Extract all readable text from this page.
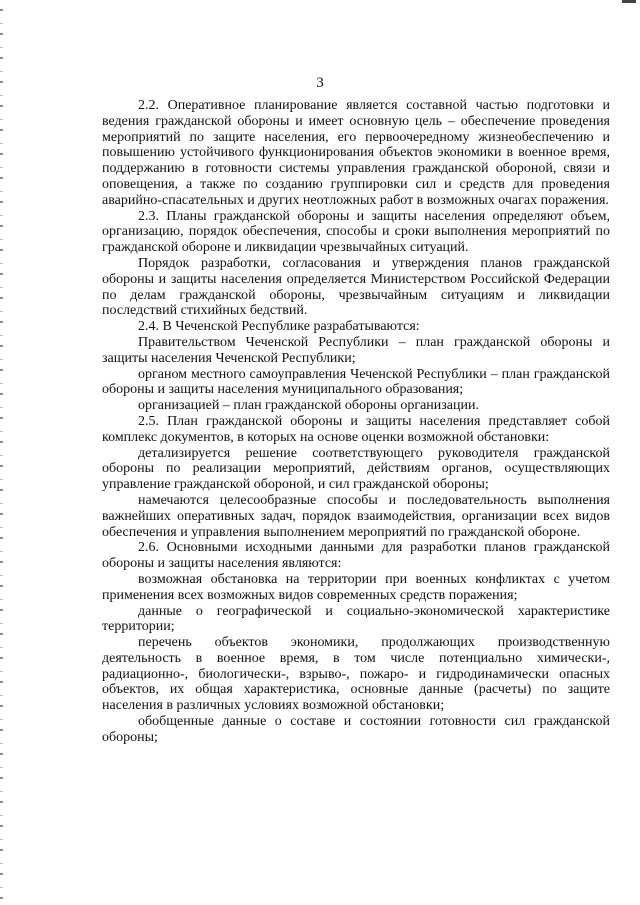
3

2.2. Оперативное планирование является составной частью подготовки и ведения гражданской обороны и имеет основную цель – обеспечение проведения мероприятий по защите населения, его первоочередному жизнеобеспечению и повышению устойчивого функционирования объектов экономики в военное время, поддержанию в готовности системы управления гражданской обороной, связи и оповещения, а также по созданию группировки сил и средств для проведения аварийно-спасательных и других неотложных работ в возможных очагах поражения.

2.3. Планы гражданской обороны и защиты населения определяют объем, организацию, порядок обеспечения, способы и сроки выполнения мероприятий по гражданской обороне и ликвидации чрезвычайных ситуаций.

Порядок разработки, согласования и утверждения планов гражданской обороны и защиты населения определяется Министерством Российской Федерации по делам гражданской обороны, чрезвычайным ситуациям и ликвидации последствий стихийных бедствий.

2.4. В Чеченской Республике разрабатываются:

Правительством Чеченской Республики – план гражданской обороны и защиты населения Чеченской Республики;

органом местного самоуправления Чеченской Республики – план гражданской обороны и защиты населения муниципального образования;

организацией – план гражданской обороны организации.

2.5. План гражданской обороны и защиты населения представляет собой комплекс документов, в которых на основе оценки возможной обстановки:

детализируется решение соответствующего руководителя гражданской обороны по реализации мероприятий, действиям органов, осуществляющих управление гражданской обороной, и сил гражданской обороны;

намечаются целесообразные способы и последовательность выполнения важнейших оперативных задач, порядок взаимодействия, организации всех видов обеспечения и управления выполнением мероприятий по гражданской обороне.

2.6. Основными исходными данными для разработки планов гражданской обороны и защиты населения являются:

возможная обстановка на территории при военных конфликтах с учетом применения всех возможных видов современных средств поражения;

данные о географической и социально-экономической характеристике территории;

перечень объектов экономики, продолжающих производственную деятельность в военное время, в том числе потенциально химически-, радиационно-, биологически-, взрыво-, пожаро- и гидродинамически опасных объектов, их общая характеристика, основные данные (расчеты) по защите населения в различных условиях возможной обстановки;

обобщенные данные о составе и состоянии готовности сил гражданской обороны;
